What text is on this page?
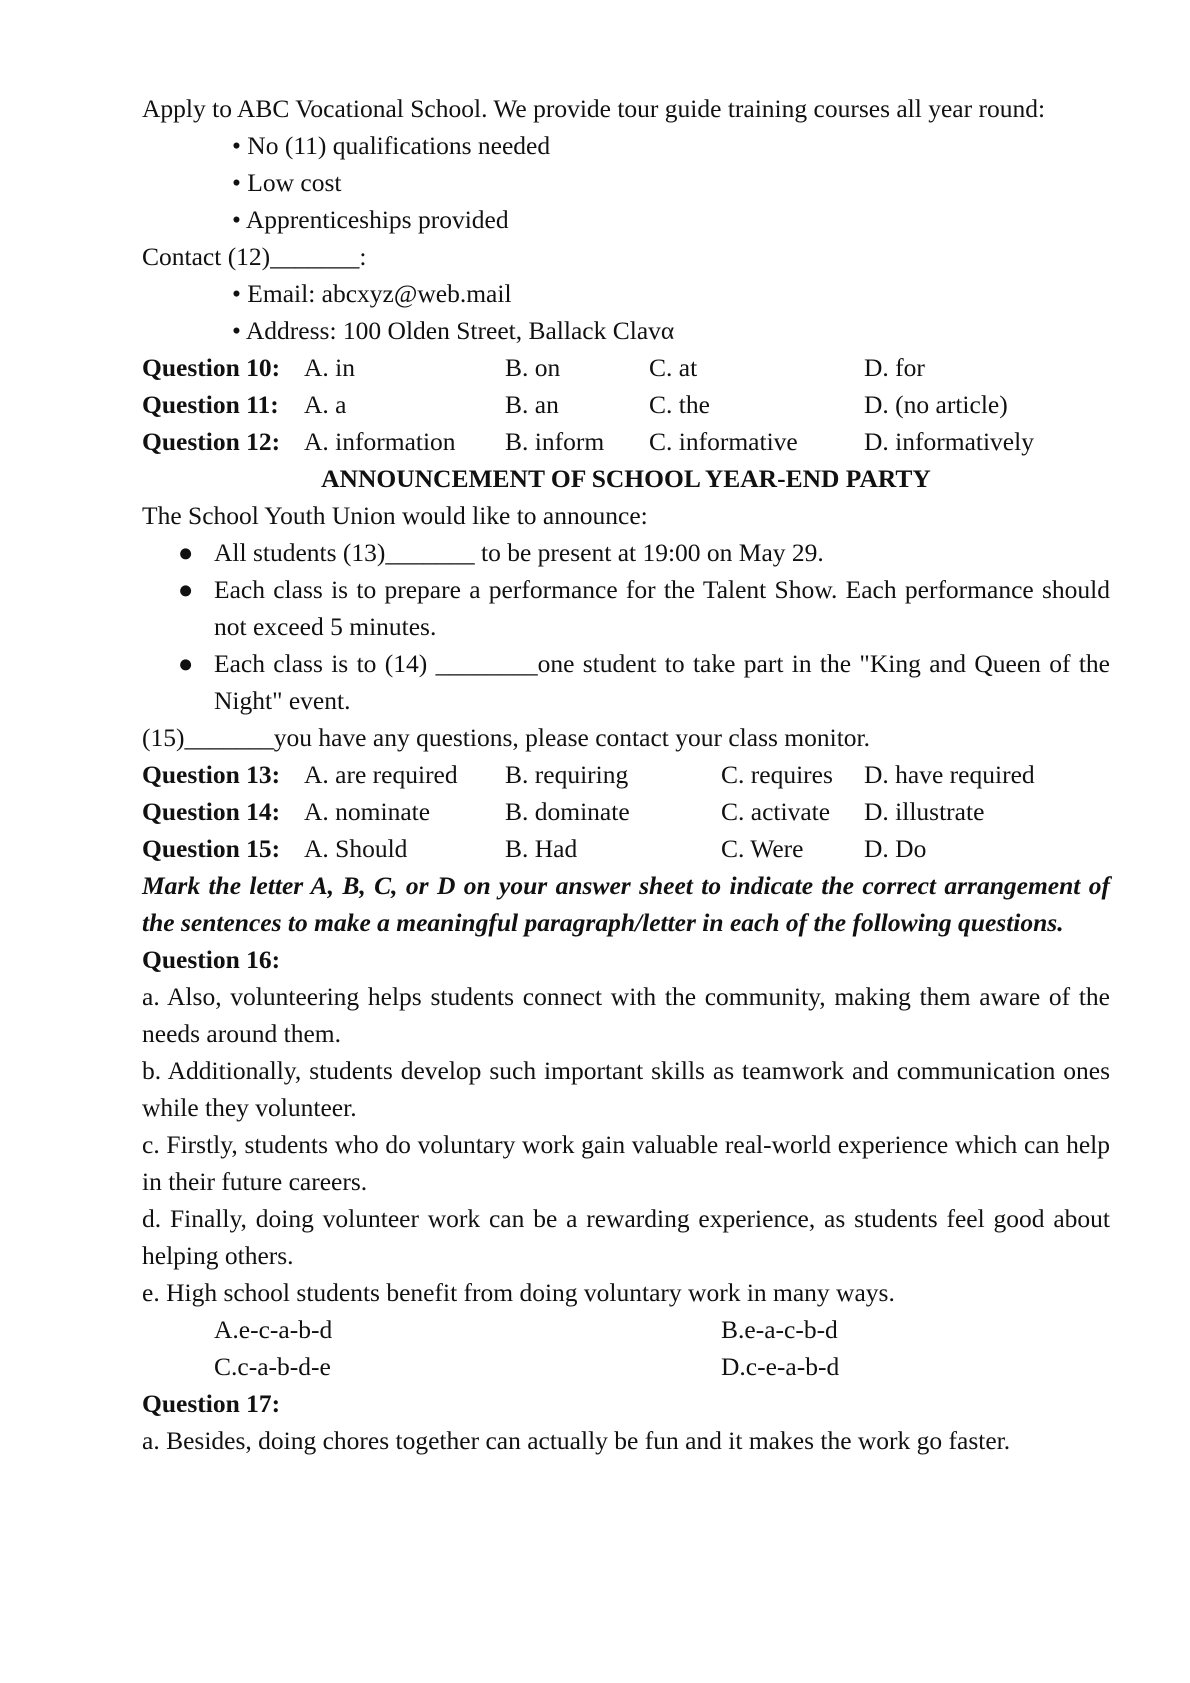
Apply to ABC Vocational School. We provide tour guide training courses all year round:

• No (11) qualifications needed

• Low cost

• Apprenticeships provided

Contact (12)_______:

• Email: abcxyz@web.mail

• Address: 100 Olden Street, Ballack Clavα

Question 10: A. in	B. on	C. at	D. for
Question 11: A. a	B. an	C. the	D. (no article)
Question 12: A. information B. inform C. informative	D. informatively

ANNOUNCEMENT OF SCHOOL YEAR-END PARTY

The School Youth Union would like to announce:

● All students (13)_______ to be present at 19:00 on May 29.
● Each class is to prepare a performance for the Talent Show. Each performance should not exceed 5 minutes.
● Each class is to (14) ________one student to take part in the "King and Queen of the Night" event.

(15)_______you have any questions, please contact your class monitor.

Question 13: A. are required B. requiring	C. requires D. have required
Question 14: A. nominate	B. dominate	C. activate D. illustrate
Question 15: A. Should	B. Had	C. Were D. Do

Mark the letter A, B, C, or D on your answer sheet to indicate the correct arrangement of the sentences to make a meaningful paragraph/letter in each of the following questions.

Question 16:

a. Also, volunteering helps students connect with the community, making them aware of the needs around them.

b. Additionally, students develop such important skills as teamwork and communication ones while they volunteer.

c. Firstly, students who do voluntary work gain valuable real-world experience which can help in their future careers.

d. Finally, doing volunteer work can be a rewarding experience, as students feel good about helping others.

e. High school students benefit from doing voluntary work in many ways.

A.e-c-a-b-d	B.e-a-c-b-d
C.c-a-b-d-e	D.c-e-a-b-d

Question 17:

a. Besides, doing chores together can actually be fun and it makes the work go faster.
